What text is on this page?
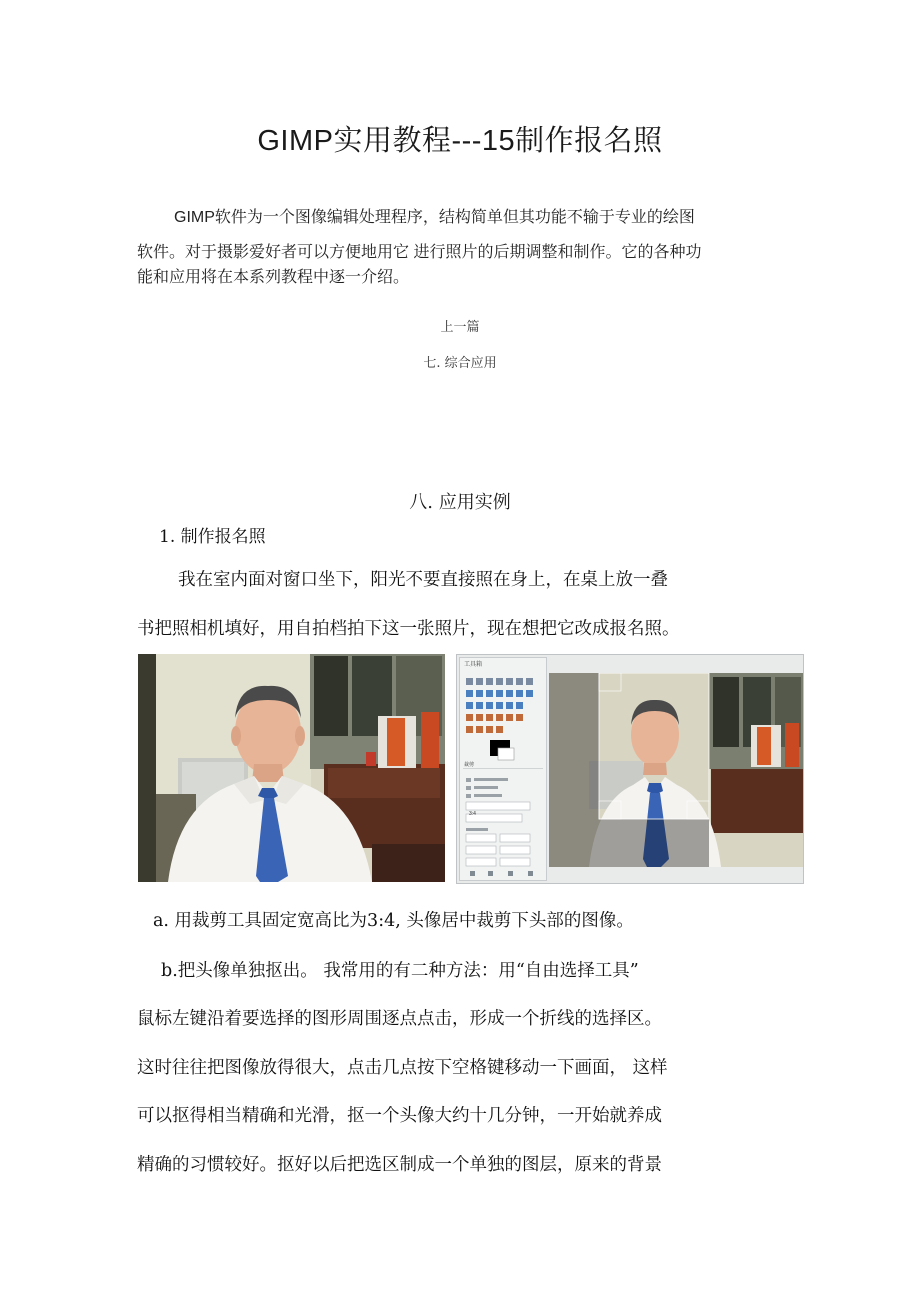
GIMP实用教程---15制作报名照
GIMP软件为一个图像编辑处理程序，结构简单但其功能不输于专业的绘图
软件。对于摄影爱好者可以方便地用它 进行照片的后期调整和制作。它的各种功
能和应用将在本系列教程中逐一介绍。
上一篇
七. 综合应用
八. 应用实例
1. 制作报名照
我在室内面对窗口坐下，阳光不要直接照在身上，在桌上放一叠
书把照相机填好，用自拍档拍下这一张照片，现在想把它改成报名照。
工具箱
裁剪
3:4
a. 用裁剪工具固定宽高比为3:4, 头像居中裁剪下头部的图像。
b.把头像单独抠出。 我常用的有二种方法：用“自由选择工具”
鼠标左键沿着要选择的图形周围逐点点击，形成一个折线的选择区。
这时往往把图像放得很大，点击几点按下空格键移动一下画面， 这样
可以抠得相当精确和光滑，抠一个头像大约十几分钟，一开始就养成
精确的习惯较好。抠好以后把选区制成一个单独的图层，原来的背景
